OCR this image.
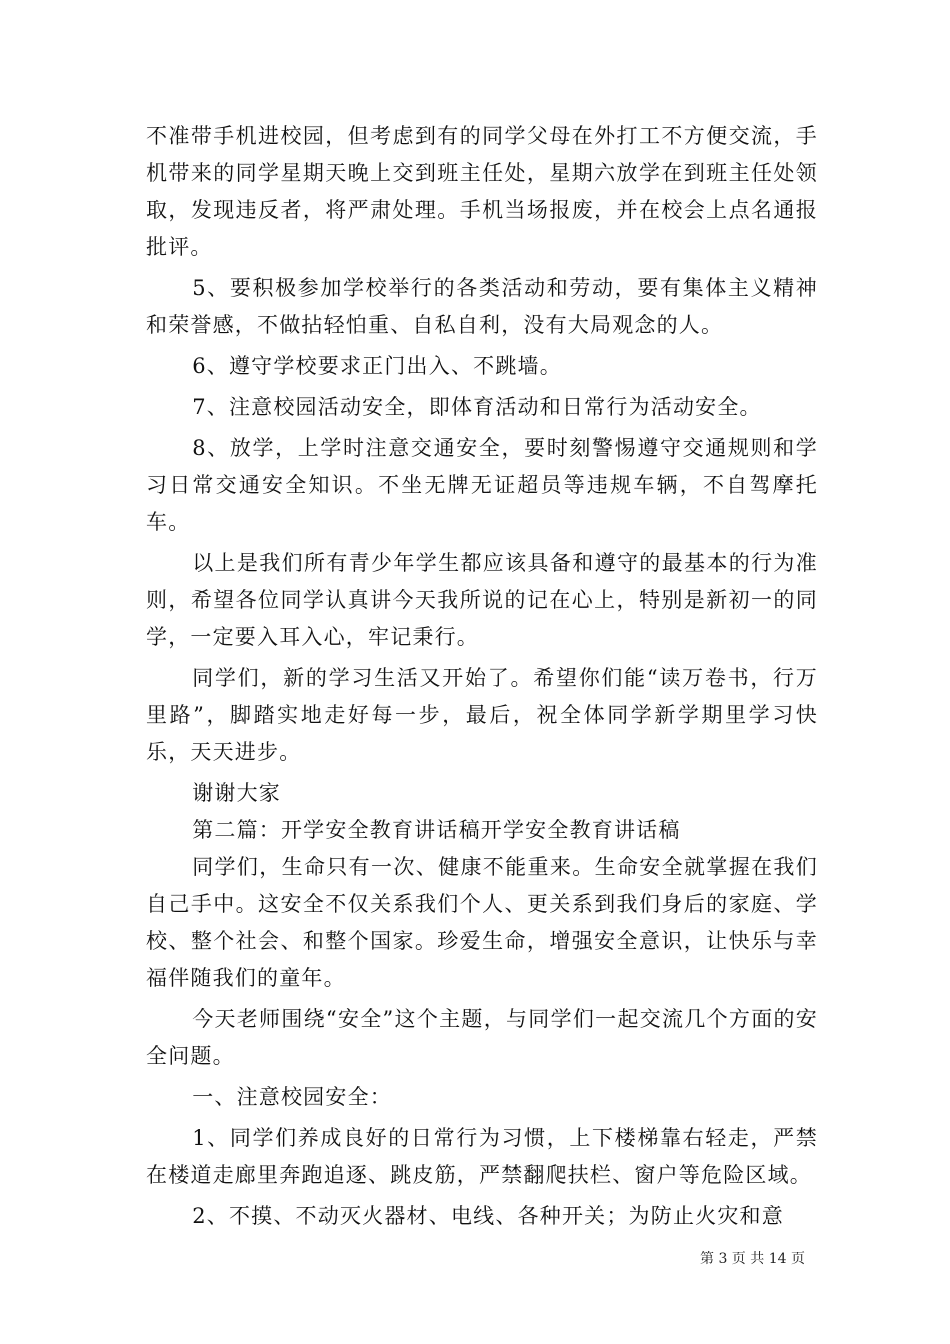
不准带手机进校园，但考虑到有的同学父母在外打工不方便交流，手机带来的同学星期天晚上交到班主任处，星期六放学在到班主任处领取，发现违反者，将严肃处理。手机当场报废，并在校会上点名通报批评。

5、要积极参加学校举行的各类活动和劳动，要有集体主义精神和荣誉感，不做拈轻怕重、自私自利，没有大局观念的人。

6、遵守学校要求正门出入、不跳墙。

7、注意校园活动安全，即体育活动和日常行为活动安全。

8、放学，上学时注意交通安全，要时刻警惕遵守交通规则和学习日常交通安全知识。不坐无牌无证超员等违规车辆，不自驾摩托车。

以上是我们所有青少年学生都应该具备和遵守的最基本的行为准则，希望各位同学认真讲今天我所说的记在心上，特别是新初一的同学，一定要入耳入心，牢记秉行。

同学们，新的学习生活又开始了。希望你们能“读万卷书，行万里路”，脚踏实地走好每一步，最后，祝全体同学新学期里学习快乐，天天进步。

谢谢大家

第二篇：开学安全教育讲话稿开学安全教育讲话稿

同学们，生命只有一次、健康不能重来。生命安全就掌握在我们自己手中。这安全不仅关系我们个人、更关系到我们身后的家庭、学校、整个社会、和整个国家。珍爱生命，增强安全意识，让快乐与幸福伴随我们的童年。

今天老师围绕“安全”这个主题，与同学们一起交流几个方面的安全问题。

一、注意校园安全：

1、同学们养成良好的日常行为习惯，上下楼梯靠右轻走，严禁在楼道走廊里奔跑追逐、跳皮筋，严禁翻爬扶栏、窗户等危险区域。

2、不摸、不动灭火器材、电线、各种开关；为防止火灾和意

第 3 页 共 14 页
